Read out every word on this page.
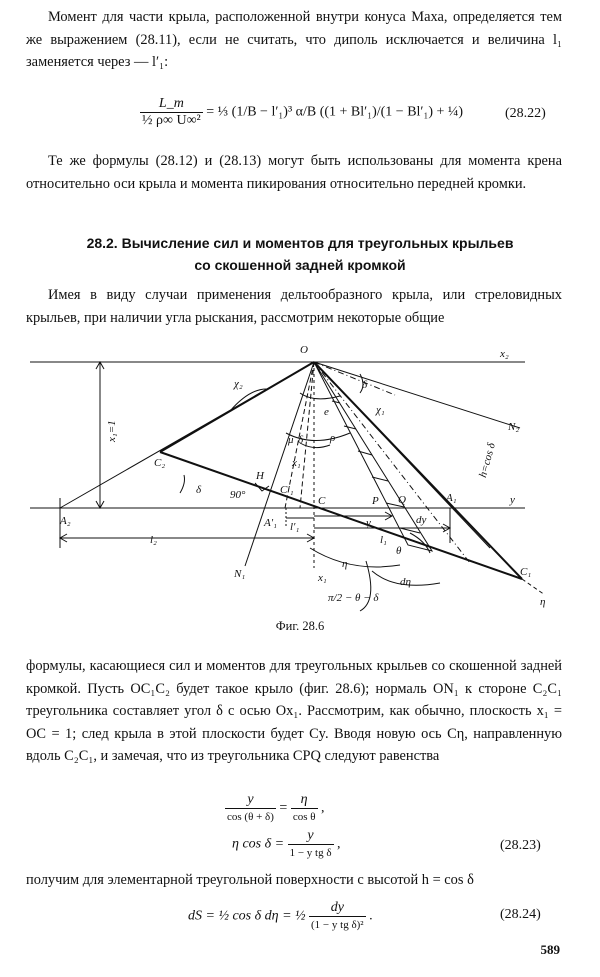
Момент для части крыла, расположенной внутри конуса Маха, определяется тем же выражением (28.11), если не считать, что диполь исключается и величина l₁ заменяется через — l′₁:

$\frac{L\_m}{\text{½ ρ∞ U∞²}}$ = ⅓ (1/B − l′₁)³ α/B ((1 + Bl′₁)/(1 − Bl′₁) + ¼)	(28.22)

Те же формулы (28.12) и (28.13) могут быть использованы для момента крена относительно оси крыла и момента пикирования относительно передней кромки.

28.2. Вычисление сил и моментов для треугольных крыльев
со скошенной задней кромкой

Имея в виду случаи применения дельтообразного крыла, или стреловидных крыльев, при наличии угла рыскания, рассмотрим некоторые общие

O	x₂
δ
χ₂
χ₁
N₂
e
μ	ρ
x₁=1
C₂
H
δ
x₁
δ
90°	C′₁
C	P Q	A₁	y
h=cos δ
dy
A₂	A′₁ l′₁	y
l₁
θ
l₂
η
dη
N₁	x₁	C₁
η
π/2 − θ − δ
Фиг. 28.6

формулы, касающиеся сил и моментов для треугольных крыльев со скошенной задней кромкой. Пусть OC₁C₂ будет такое крыло (фиг. 28.6); нормаль ON₁ к стороне C₂C₁ треугольника составляет угол δ с осью Ox₁. Рассмотрим, как обычно, плоскость x₁ = OC = 1; след крыла в этой плоскости будет Cy. Вводя новую ось Cη, направленную вдоль C₂C₁, и замечая, что из треугольника CPQ следуют равенства

$\frac{y}{\cos (\theta + \delta)} = \frac{\eta}{\text{cos θ}}$ ,
η $\cos \delta = \frac{y}{\text{1 − y tg δ}}$ ,	(28.23)

получим для элементарной треугольной поверхности с высотой h = cos δ

dS = ½ cos δ dη = ½ $\frac{dy}{\text{(1 − y tg δ)²}}$ .	(28.24)
589
